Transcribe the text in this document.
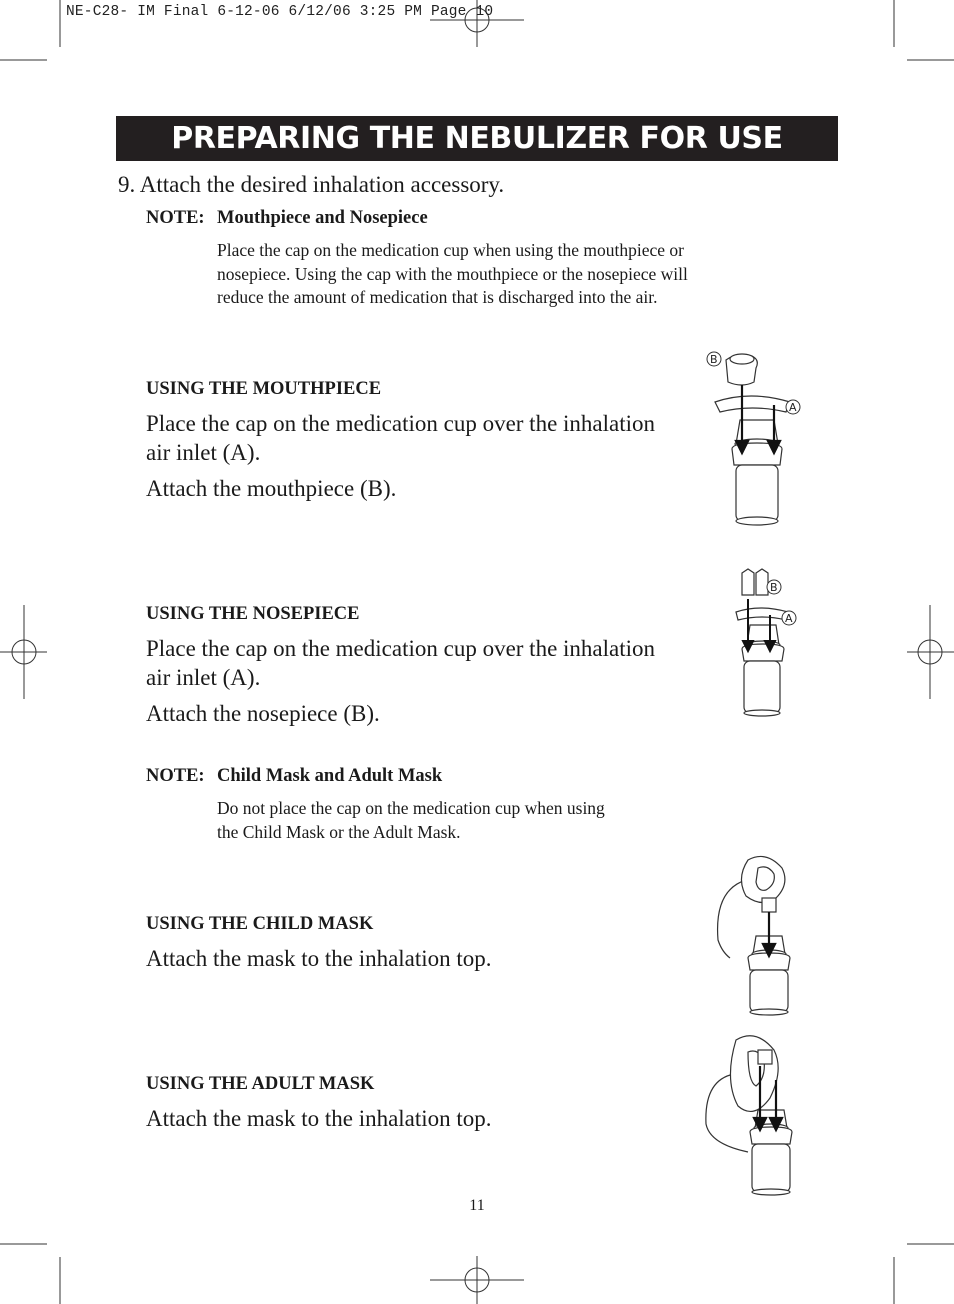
NE-C28- IM Final 6-12-06 6/12/06 3:25 PM Page 10
PREPARING THE NEBULIZER FOR USE
9. Attach the desired inhalation accessory.
NOTE: Mouthpiece and Nosepiece
Place the cap on the medication cup when using the mouthpiece or
nosepiece. Using the cap with the mouthpiece or the nosepiece will
reduce the amount of medication that is discharged into the air.
USING THE MOUTHPIECE
Place the cap on the medication cup over the inhalation
air inlet (A).
Attach the mouthpiece (B).
B
A
USING THE NOSEPIECE
Place the cap on the medication cup over the inhalation
air inlet (A).
Attach the nosepiece (B).
B
A
NOTE: Child Mask and Adult Mask
Do not place the cap on the medication cup when using
the Child Mask or the Adult Mask.
USING THE CHILD MASK
Attach the mask to the inhalation top.
USING THE ADULT MASK
Attach the mask to the inhalation top.
11
